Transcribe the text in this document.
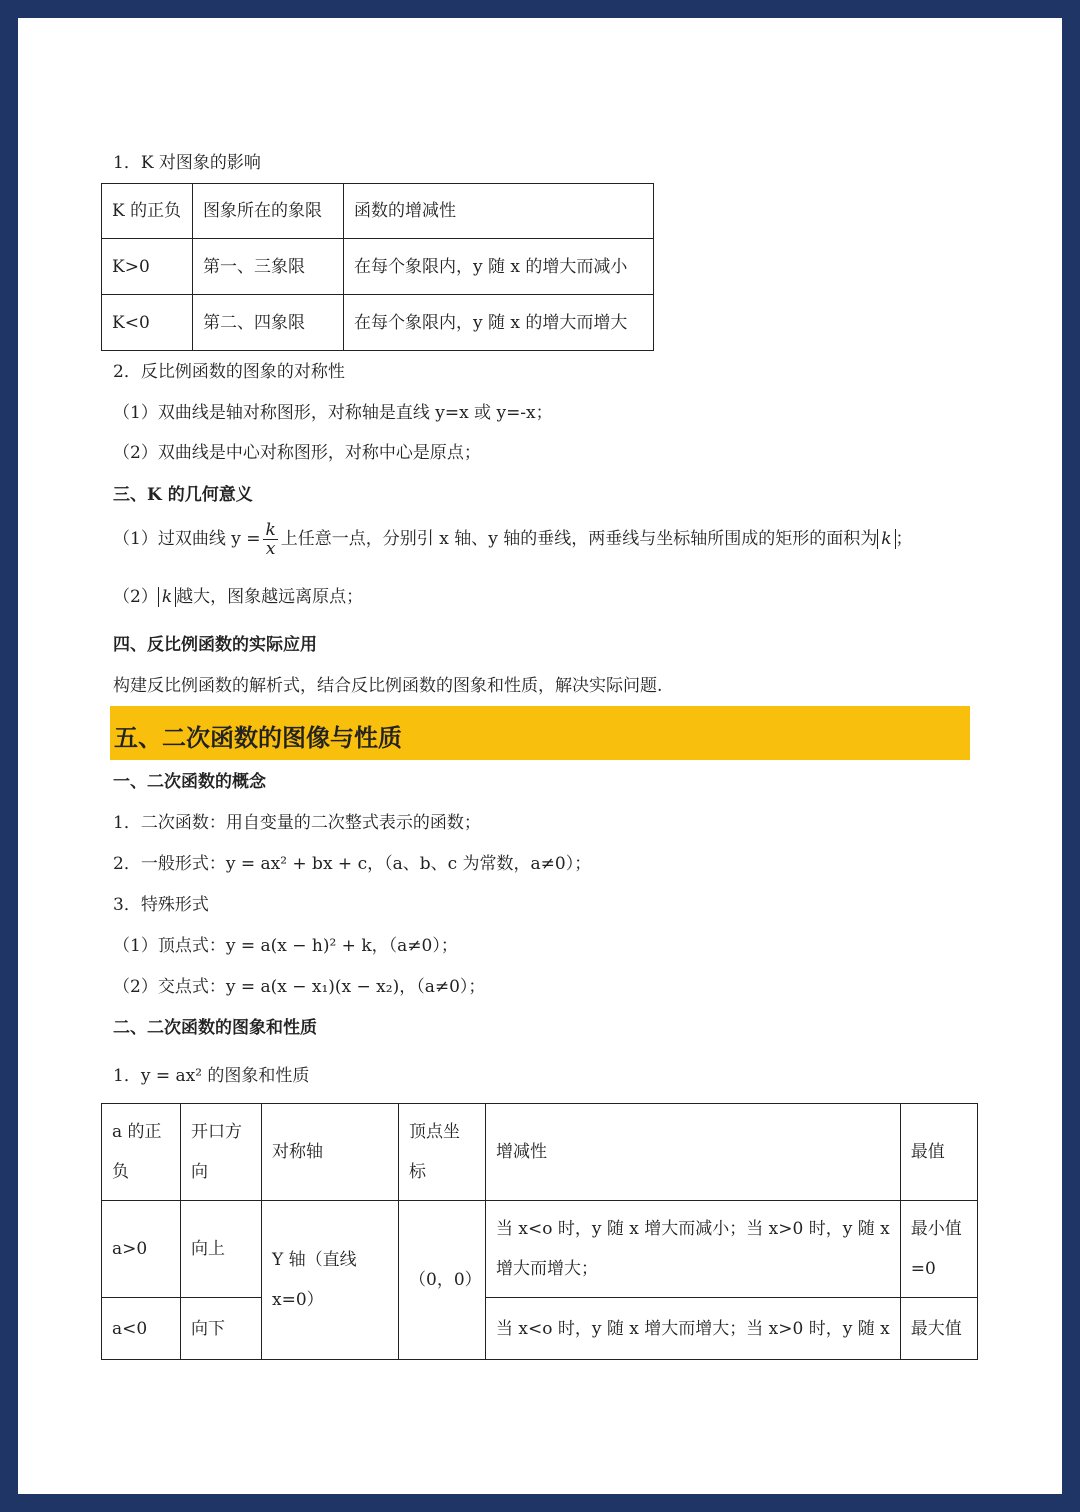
1．K 对图象的影响
K 的正负	图象所在的象限	函数的增减性
K>0	第一、三象限	在每个象限内，y 随 x 的增大而减小
K<0	第二、四象限	在每个象限内，y 随 x 的增大而增大
2．反比例函数的图象的对称性
（1）双曲线是轴对称图形，对称轴是直线 y=x 或 y=-x；
（2）双曲线是中心对称图形，对称中心是原点；
三、K 的几何意义
（1）过双曲线 $y = \frac{k}{x}$ 上任意一点，分别引 x 轴、y 轴的垂线，两垂线与坐标轴所围成的矩形的面积为 k ；
（2） k 越大，图象越远离原点；
四、反比例函数的实际应用
构建反比例函数的解析式，结合反比例函数的图象和性质，解决实际问题.
五、二次函数的图像与性质
一、二次函数的概念
1．二次函数：用自变量的二次整式表示的函数；
2．一般形式：y = ax² + bx + c，（a、b、c 为常数，a≠0）；
3．特殊形式
（1）顶点式：y = a(x − h)² + k，（a≠0）；
（2）交点式：y = a(x − x₁)(x − x₂)，（a≠0）；
二、二次函数的图象和性质
1．y = ax² 的图象和性质
a 的正负	开口方向	对称轴	顶点坐标	增减性	最值
a>0	向上	Y 轴（直线 x=0）	（0，0）	当 x<o 时，y 随 x 增大而减小；当 x>0 时，y 随 x 增大而增大；	最小值 =0
a<0	向下			当 x<o 时，y 随 x 增大而增大；当 x>0 时，y 随 x	最大值
